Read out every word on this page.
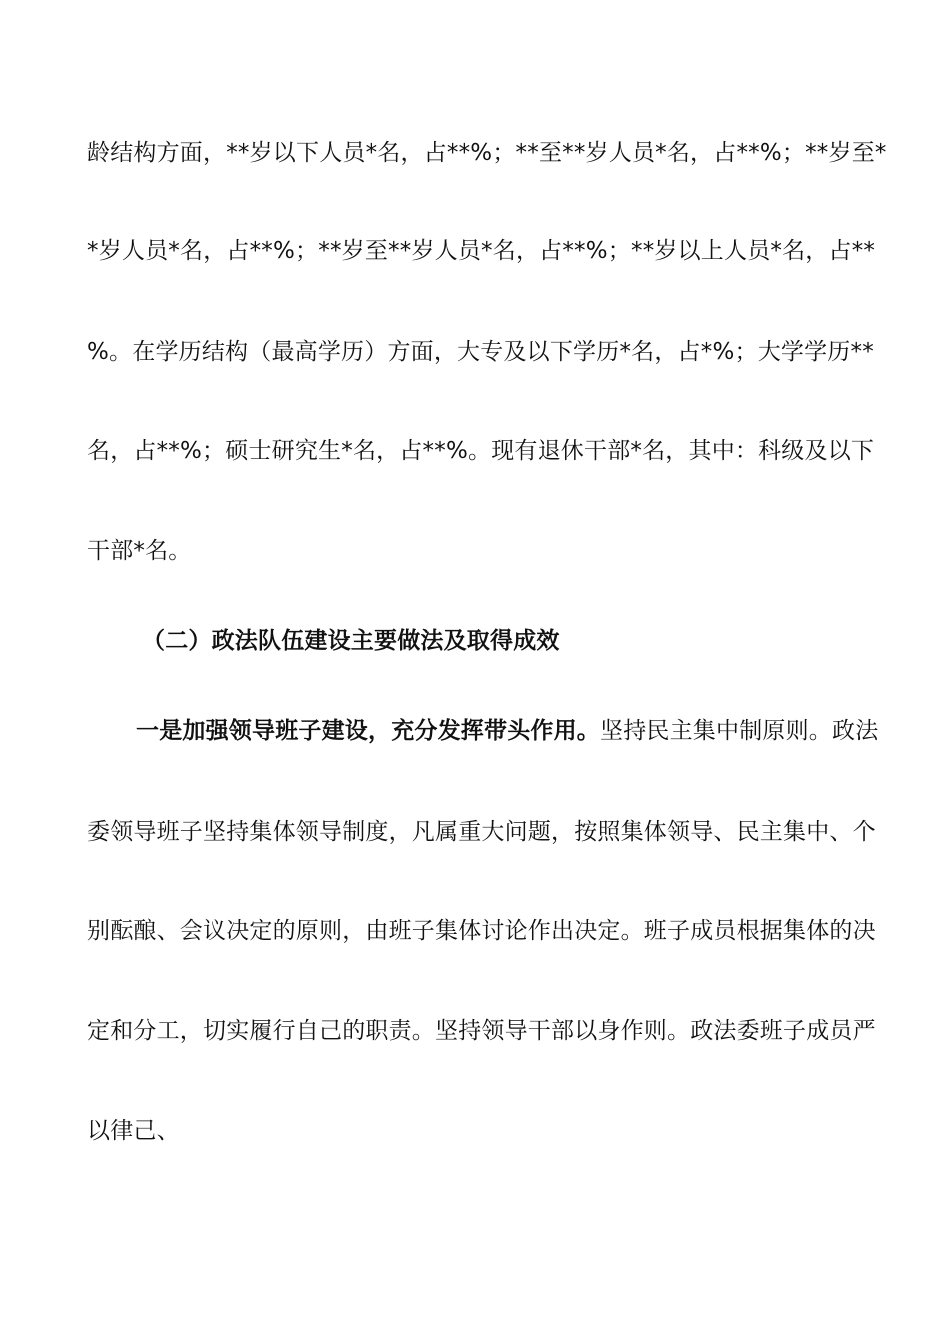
龄结构方面，**岁以下人员*名，占**%；**至**岁人员*名，占**%；**岁至*
*岁人员*名，占**%；**岁至**岁人员*名，占**%；**岁以上人员*名，占**
%。在学历结构（最高学历）方面，大专及以下学历*名，占*%；大学学历**
名，占**%；硕士研究生*名，占**%。现有退休干部*名，其中：科级及以下
干部*名。
（二）政法队伍建设主要做法及取得成效
一是加强领导班子建设，充分发挥带头作用。坚持民主集中制原则。政法
委领导班子坚持集体领导制度，凡属重大问题，按照集体领导、民主集中、个
别酝酿、会议决定的原则，由班子集体讨论作出决定。班子成员根据集体的决
定和分工，切实履行自己的职责。坚持领导干部以身作则。政法委班子成员严
以律己、
